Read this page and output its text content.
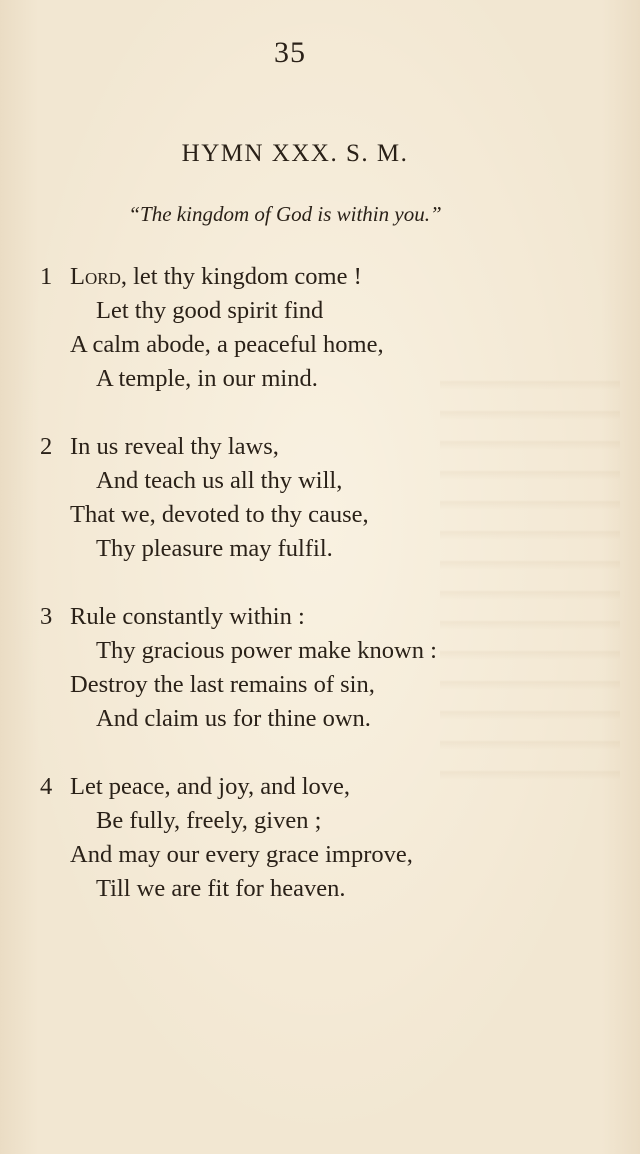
35
HYMN XXX. S. M.
“The kingdom of God is within you.”
1 Lord, let thy kingdom come !
Let thy good spirit find
A calm abode, a peaceful home,
A temple, in our mind.
2 In us reveal thy laws,
And teach us all thy will,
That we, devoted to thy cause,
Thy pleasure may fulfil.
3 Rule constantly within :
Thy gracious power make known :
Destroy the last remains of sin,
And claim us for thine own.
4 Let peace, and joy, and love,
Be fully, freely, given ;
And may our every grace improve,
Till we are fit for heaven.
